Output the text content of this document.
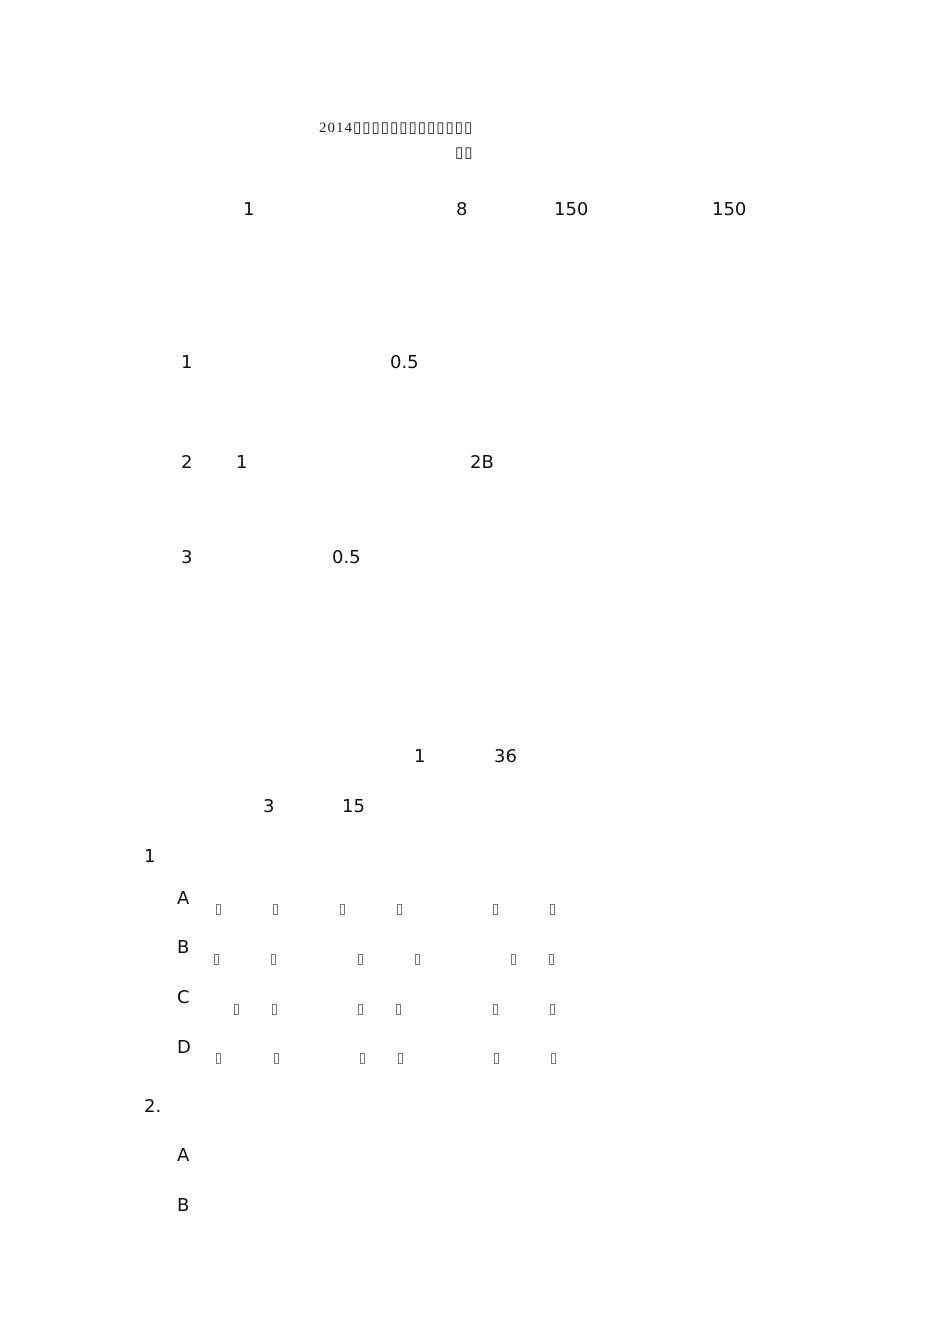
2014▯▯▯▯▯▯▯▯▯▯▯▯▯
▯▯
1	8	150	150
1	0.5
2 1	2B
3	0.5
1	36
3	15
1
A
B
C
D
2.
A
B
